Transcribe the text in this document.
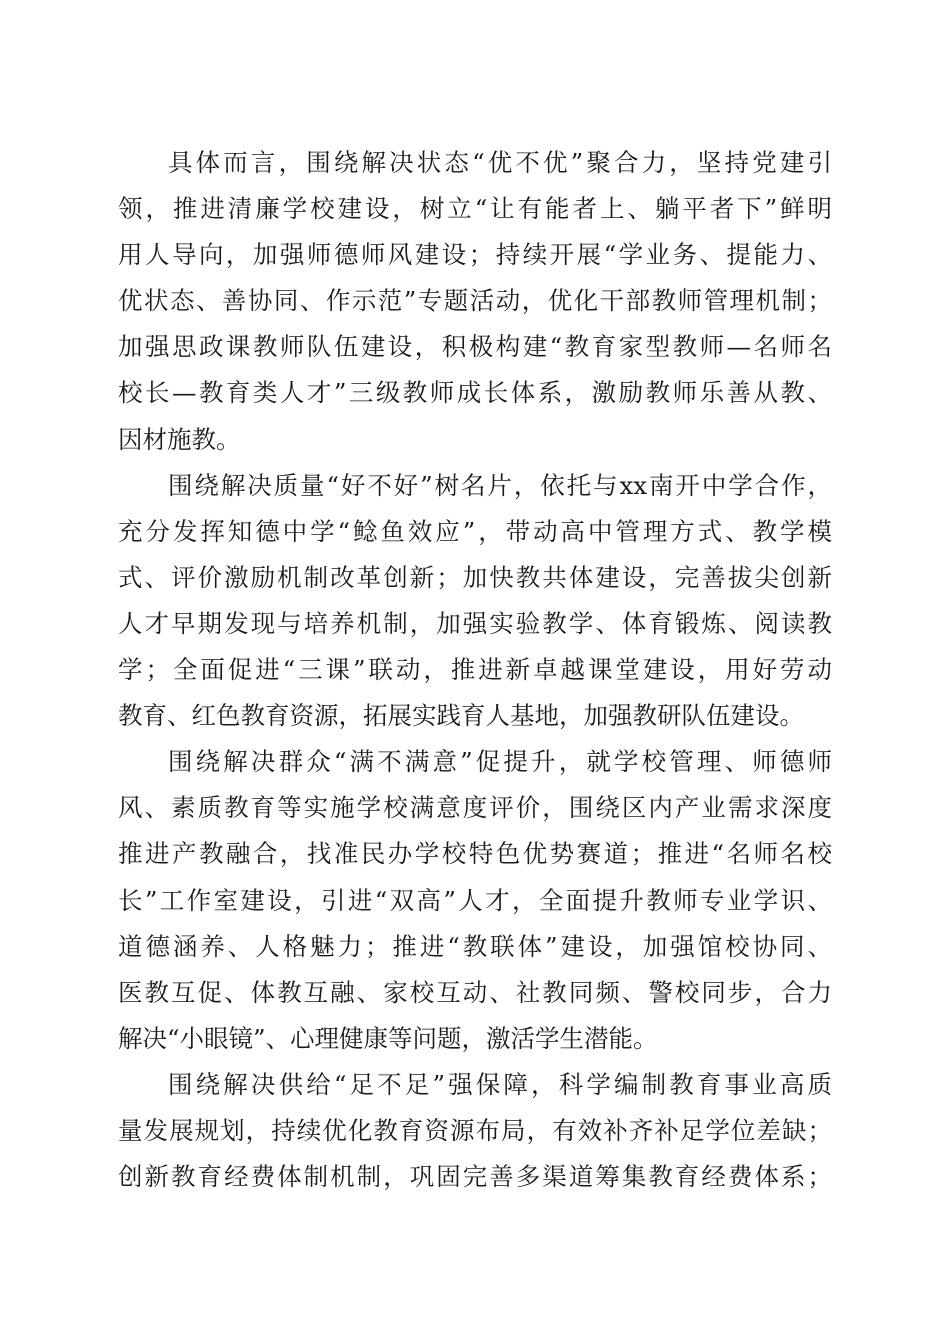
具体而言，围绕解决状态“优不优”聚合力，坚持党建引
领，推进清廉学校建设，树立“让有能者上、躺平者下”鲜明
用人导向，加强师德师风建设；持续开展“学业务、提能力、
优状态、善协同、作示范”专题活动，优化干部教师管理机制；
加强思政课教师队伍建设，积极构建“教育家型教师—名师名
校长—教育类人才”三级教师成长体系，激励教师乐善从教、
因材施教。

围绕解决质量“好不好”树名片，依托与xx南开中学合作，
充分发挥知德中学“鲶鱼效应”，带动高中管理方式、教学模
式、评价激励机制改革创新；加快教共体建设，完善拔尖创新
人才早期发现与培养机制，加强实验教学、体育锻炼、阅读教
学；全面促进“三课”联动，推进新卓越课堂建设，用好劳动
教育、红色教育资源，拓展实践育人基地，加强教研队伍建设。

围绕解决群众“满不满意”促提升，就学校管理、师德师
风、素质教育等实施学校满意度评价，围绕区内产业需求深度
推进产教融合，找准民办学校特色优势赛道；推进“名师名校
长”工作室建设，引进“双高”人才，全面提升教师专业学识、
道德涵养、人格魅力；推进“教联体”建设，加强馆校协同、
医教互促、体教互融、家校互动、社教同频、警校同步，合力
解决“小眼镜”、心理健康等问题，激活学生潜能。

围绕解决供给“足不足”强保障，科学编制教育事业高质
量发展规划，持续优化教育资源布局，有效补齐补足学位差缺；
创新教育经费体制机制，巩固完善多渠道筹集教育经费体系；
